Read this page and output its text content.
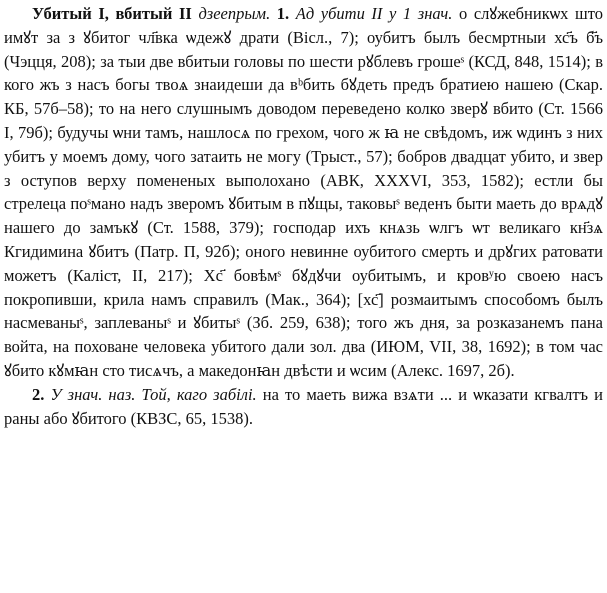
Убитый I, вбитый II дзеепрым. 1. Ад убити II у 1 знач. о слꙋжебникѡх што имꙋт за з ꙋбитог чл҃вка ѡдежꙋ драти (Вісл., 7); оубитъ былъ бесмртныи хс҃ъ б҃ъ (Чэцця, 208); за тыи две вбитыи головы по шести рꙋблевъ грошеˢ (КСД, 848, 1514); в кого жъ з насъ богы твоѧ знаидеши да вᵇбить бꙋдеть предъ братиею нашею (Скар. КБ, 57б–58); то на него слушнымъ доводом переведено колко зверꙋ вбито (Ст. 1566 I, 79б); будучы ѡни тамъ, нашлосѧ по грехом, чого ж ꙗ не свѣдомъ, иж ѡдинъ з них убитъ у моемъ дому, чого затаить не могу (Трыст., 57); бобров двадцат убито, и звер з оступов верху помененых выполохано (АВК, XXXVI, 353, 1582); естли бы стрелеца поˢмано надъ зверомъ ꙋбитым в пꙋщы, таковыˢ веденъ быти маеть до врѧдꙋ нашего до замъкꙋ (Ст. 1588, 379); господар ихъ кнѧзь ѡлгъ ѡт великаго кн҃зѧ Кгидимина ꙋбитъ (Патр. П, 92б); оного невинне оубитого смерть и дрꙋгих ратовати можетъ (Калiст, II, 217); Хс҃ бовѣмˢ бꙋдꙋчи оубитымъ, и кровʸю своею насъ покропивши, крила намъ справилъ (Мак., 364); [хс҃] розмаитымъ способомъ былъ насмеваныˢ, заплеваныˢ и ꙋбитыˢ (Зб. 259, 638); того жъ дня, за розказанемъ пана войта, на поховане человека убитого дали зол. два (ИЮМ, VII, 38, 1692); в том час ꙋбито кꙋмꙗн сто тисѧчъ, а македонꙗн двѣсти и ѡсим (Алекс. 1697, 2б).

2. У знач. наз. Той, каго забілі. на то маеть вижа взѧти ... и ѡказати кгвалтъ и раны або ꙋбитого (КВЗС, 65, 1538).
